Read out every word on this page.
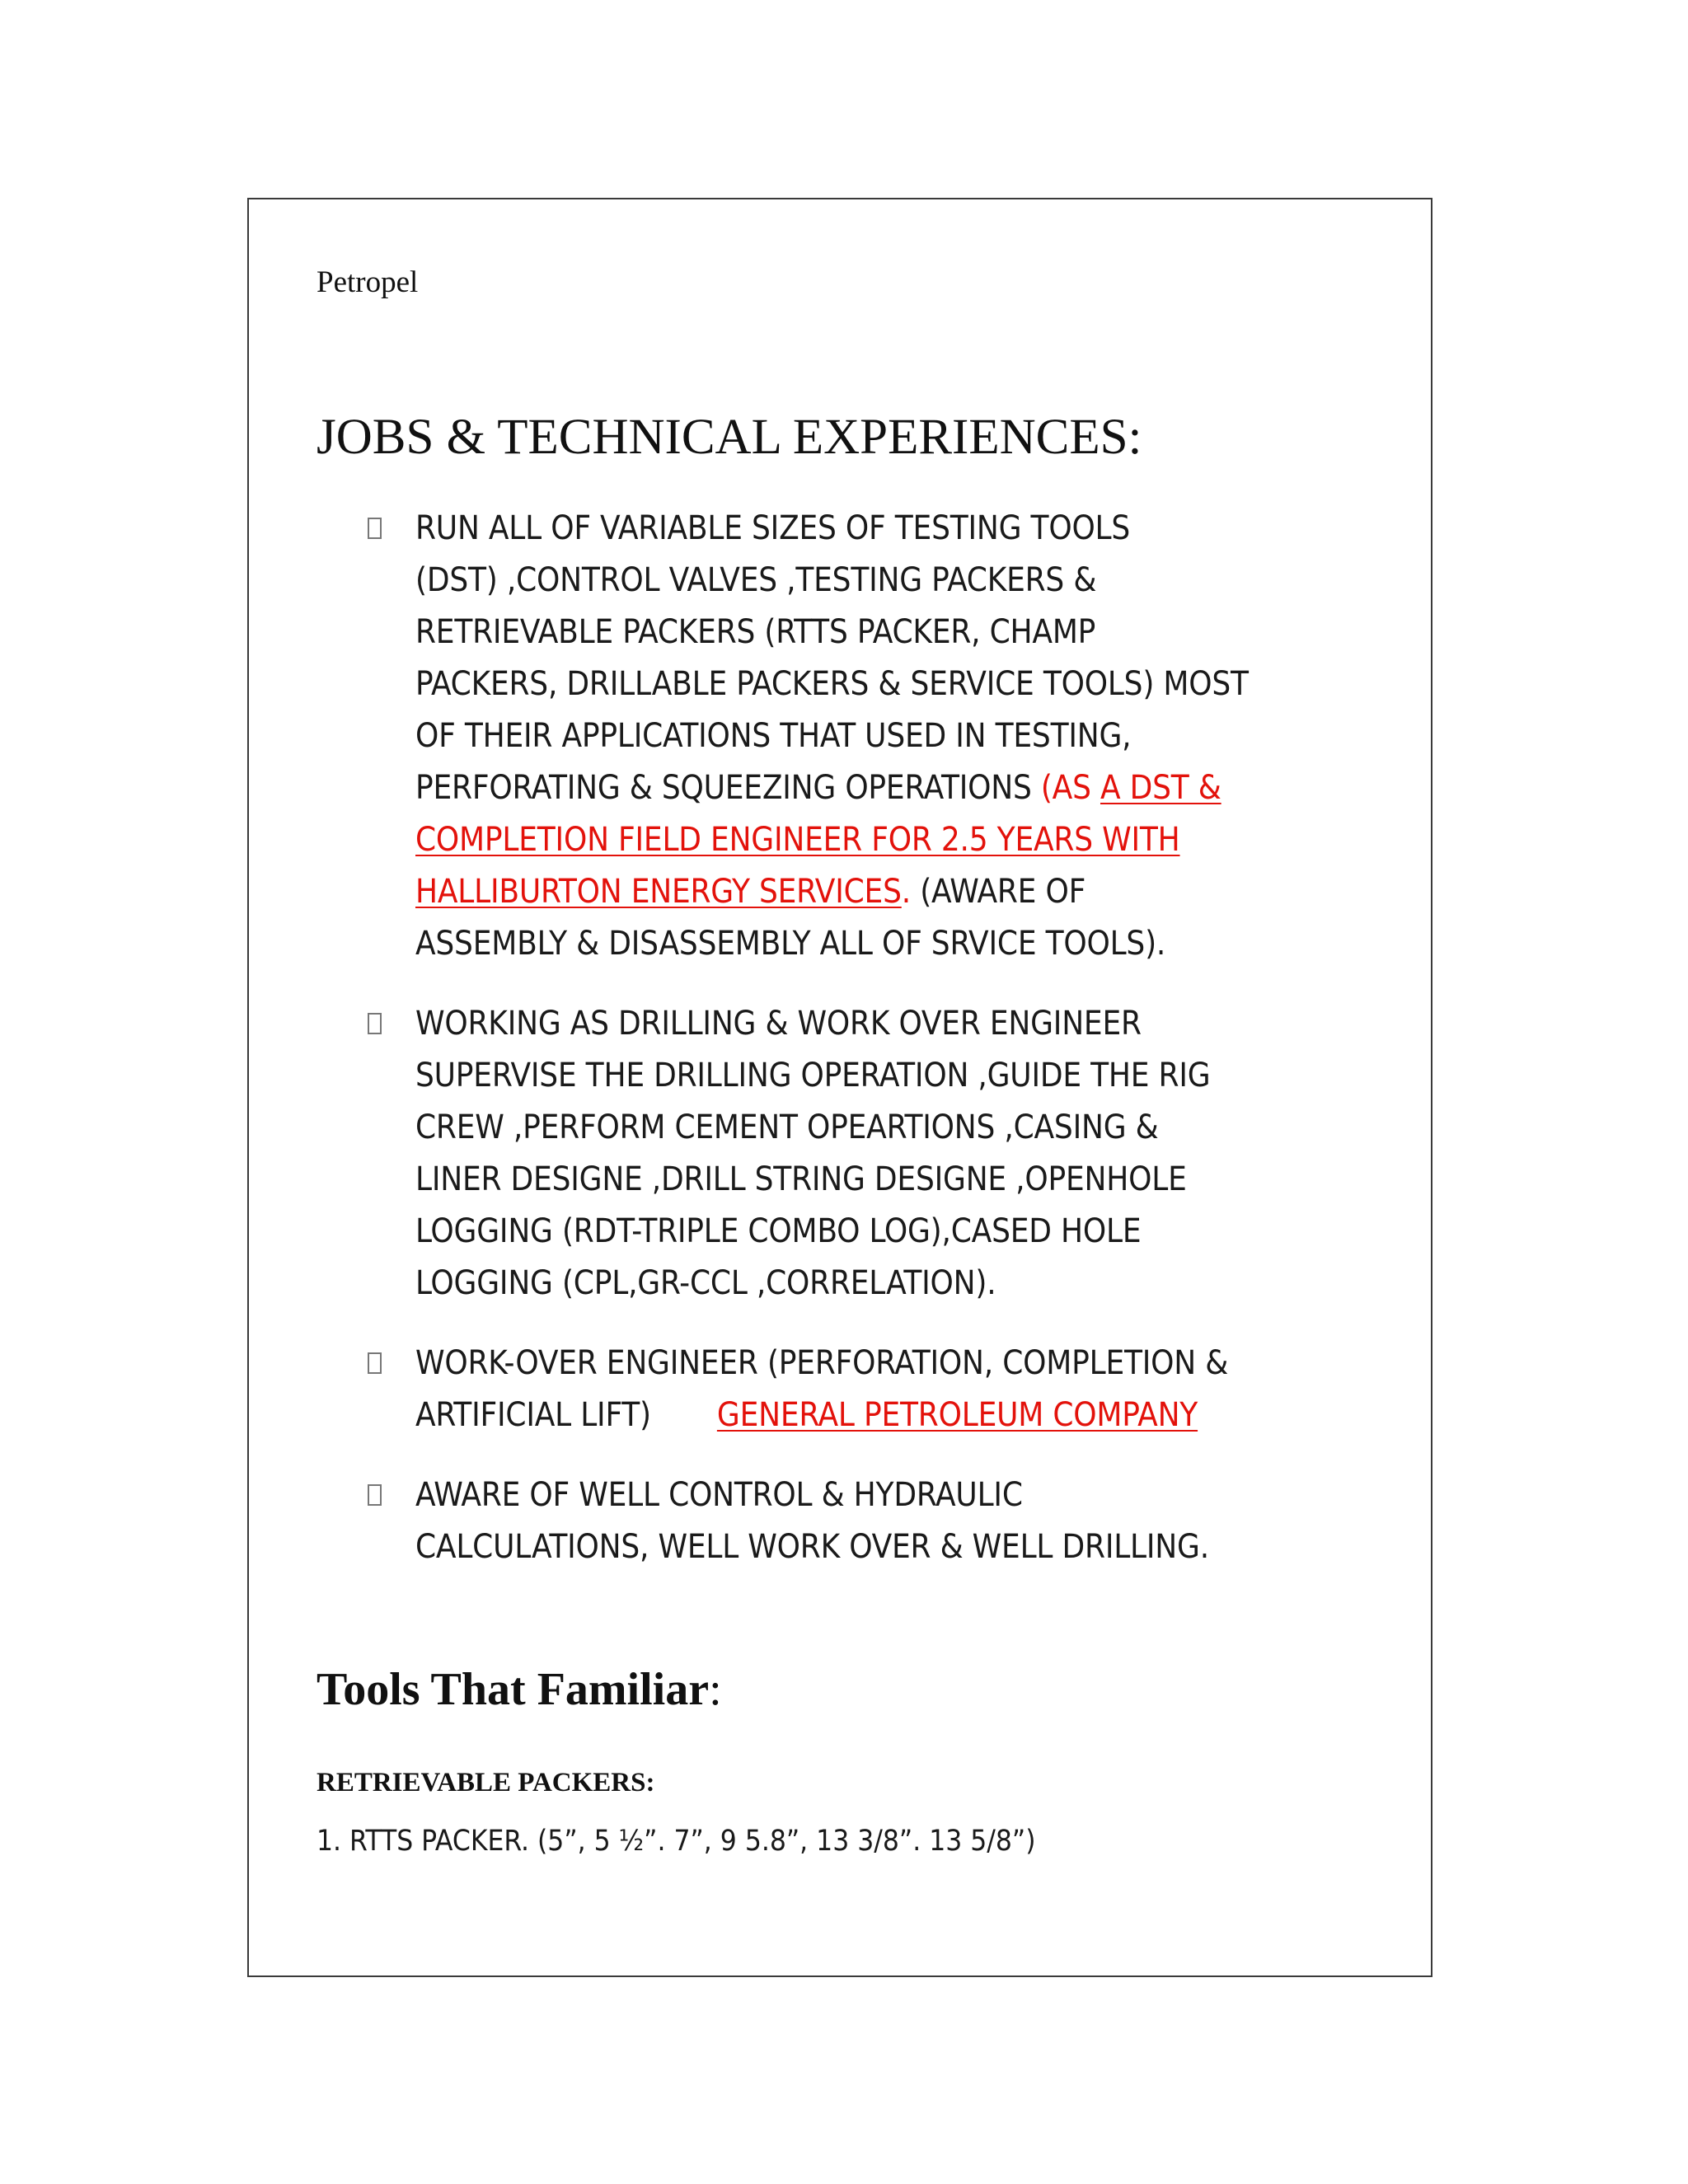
Petropel
JOBS & TECHNICAL EXPERIENCES:
RUN ALL OF VARIABLE SIZES OF TESTING TOOLS
(DST) ,CONTROL VALVES ,TESTING PACKERS &
RETRIEVABLE PACKERS (RTTS PACKER, CHAMP
PACKERS, DRILLABLE PACKERS & SERVICE TOOLS) MOST
OF THEIR APPLICATIONS THAT USED IN TESTING,
PERFORATING & SQUEEZING OPERATIONS (AS A DST &
COMPLETION FIELD ENGINEER FOR 2.5 YEARS WITH
HALLIBURTON ENERGY SERVICES. (AWARE OF
ASSEMBLY & DISASSEMBLY ALL OF SRVICE TOOLS).
WORKING AS DRILLING & WORK OVER ENGINEER
SUPERVISE THE DRILLING OPERATION ,GUIDE THE RIG
CREW ,PERFORM CEMENT OPEARTIONS ,CASING &
LINER DESIGNE ,DRILL STRING DESIGNE ,OPENHOLE
LOGGING (RDT-TRIPLE COMBO LOG),CASED HOLE
LOGGING (CPL,GR-CCL ,CORRELATION).
WORK-OVER ENGINEER (PERFORATION, COMPLETION &
ARTIFICIAL LIFT) GENERAL PETROLEUM COMPANY
AWARE OF WELL CONTROL & HYDRAULIC
CALCULATIONS, WELL WORK OVER & WELL DRILLING.
Tools That Familiar:
RETRIEVABLE PACKERS:
1. RTTS PACKER. (5”, 5 ½”. 7”, 9 5.8”, 13 3/8”. 13 5/8”)
